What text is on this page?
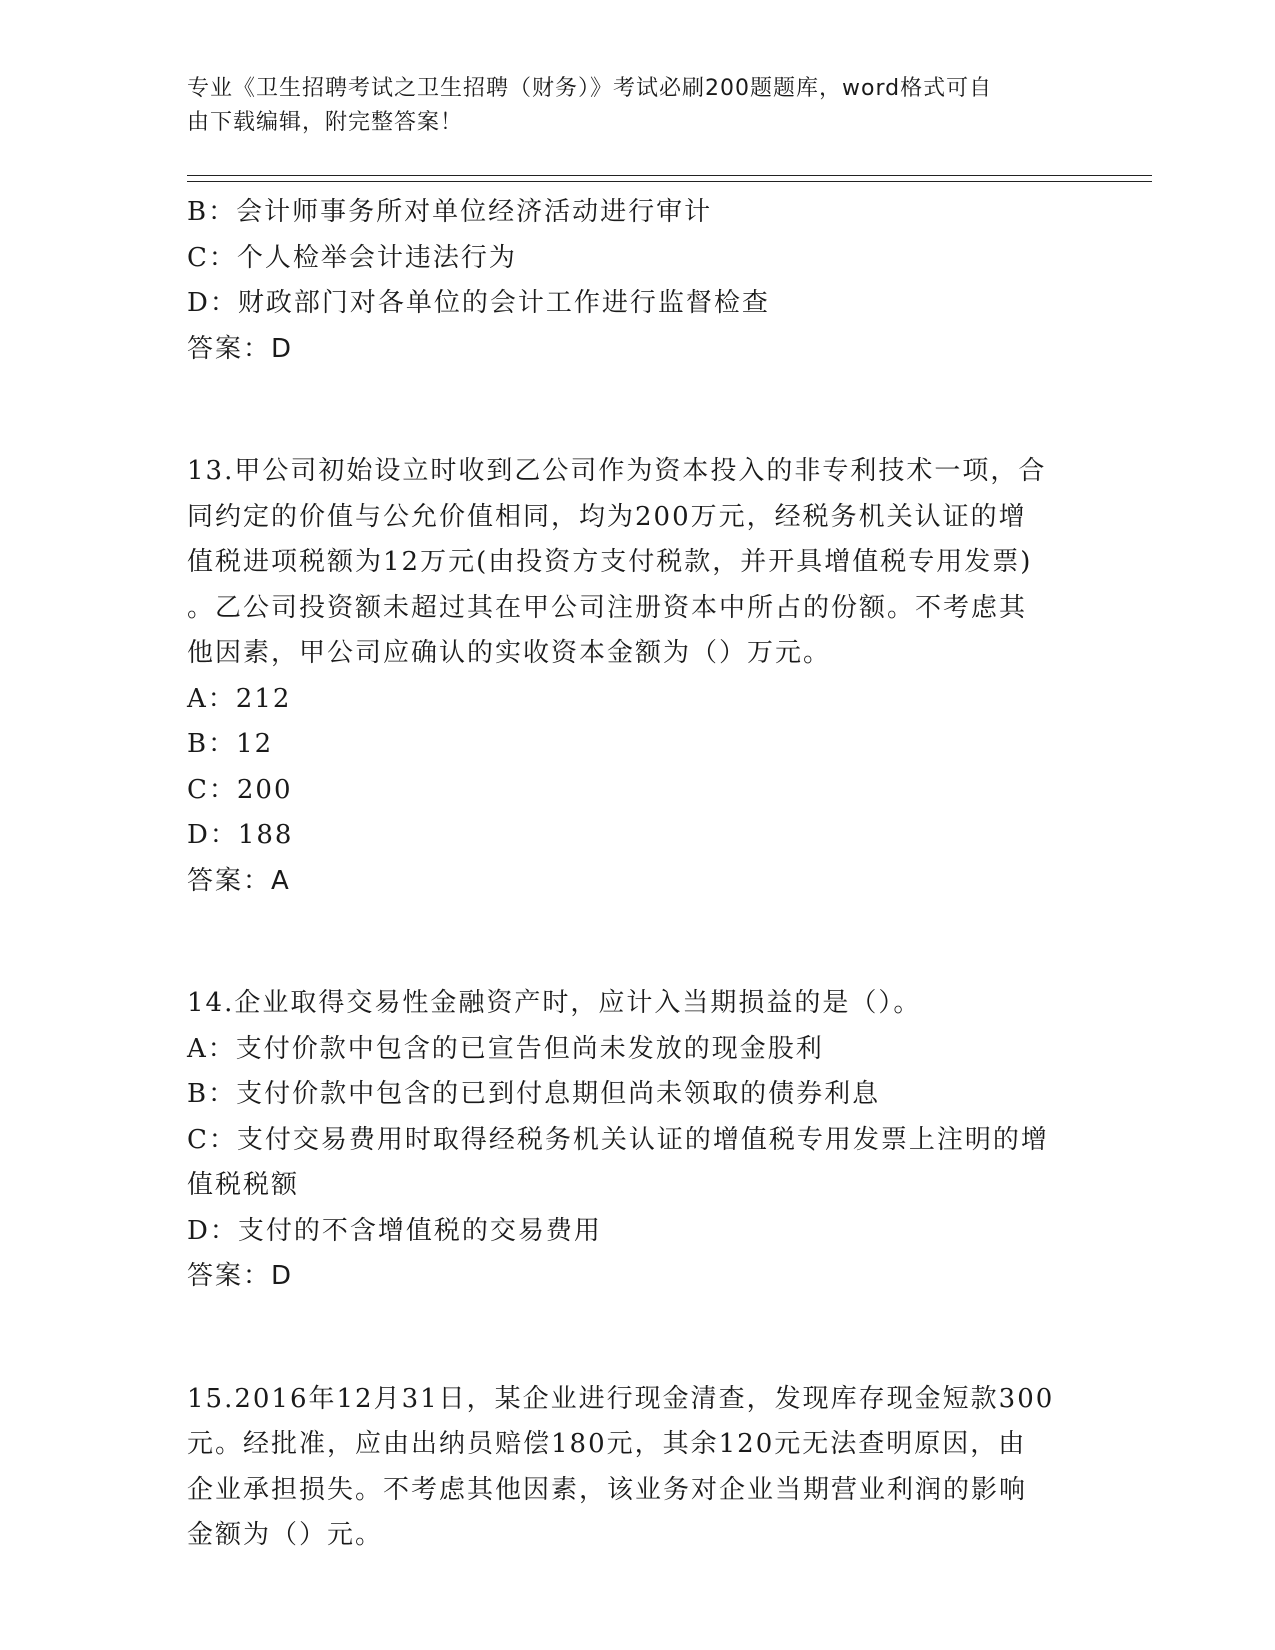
专业《卫生招聘考试之卫生招聘（财务）》考试必刷200题题库，word格式可自
由下载编辑，附完整答案！
B：会计师事务所对单位经济活动进行审计
C：个人检举会计违法行为
D：财政部门对各单位的会计工作进行监督检查
答案：D
13.甲公司初始设立时收到乙公司作为资本投入的非专利技术一项，合
同约定的价值与公允价值相同，均为200万元，经税务机关认证的增
值税进项税额为12万元(由投资方支付税款，并开具增值税专用发票)
。乙公司投资额未超过其在甲公司注册资本中所占的份额。不考虑其
他因素，甲公司应确认的实收资本金额为（）万元。
A：212
B：12
C：200
D：188
答案：A
14.企业取得交易性金融资产时，应计入当期损益的是（）。
A：支付价款中包含的已宣告但尚未发放的现金股利
B：支付价款中包含的已到付息期但尚未领取的债券利息
C：支付交易费用时取得经税务机关认证的增值税专用发票上注明的增
值税税额
D：支付的不含增值税的交易费用
答案：D
15.2016年12月31日，某企业进行现金清查，发现库存现金短款300
元。经批准，应由出纳员赔偿180元，其余120元无法查明原因，由
企业承担损失。不考虑其他因素，该业务对企业当期营业利润的影响
金额为（）元。
